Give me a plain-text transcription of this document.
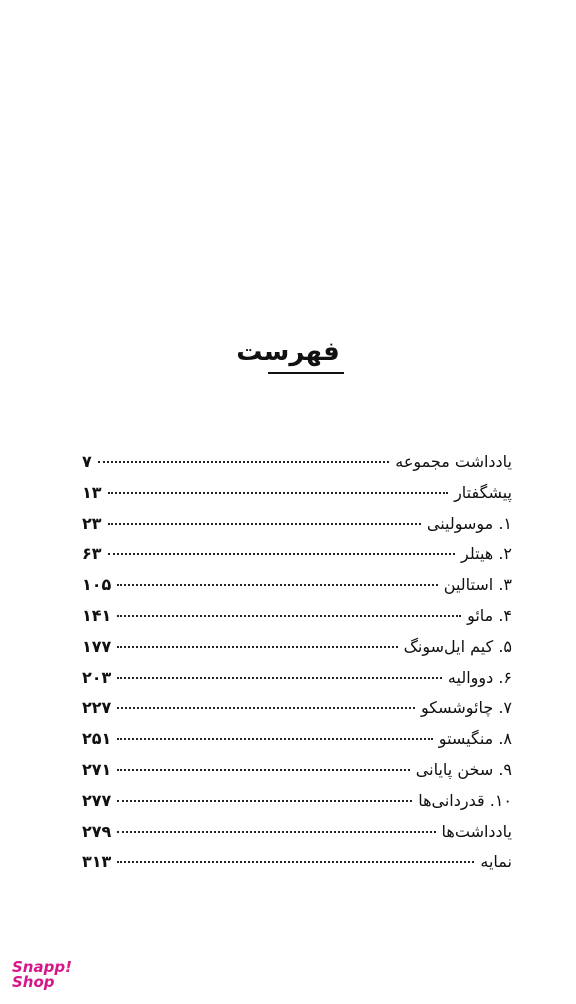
فهرست
یادداشت مجموعه
۷
پیشگفتار
۱۳
۱. موسولینی
۲۳
۲. هیتلر
۶۳
۳. استالین
۱۰۵
۴. مائو
۱۴۱
۵. کیم ایل‌سونگ
۱۷۷
۶. دووالیه
۲۰۳
۷. چائوشسکو
۲۲۷
۸. منگیستو
۲۵۱
۹. سخن پایانی
۲۷۱
۱۰. قدردانی‌ها
۲۷۷
یادداشت‌ها
۲۷۹
نمایه
۳۱۳
Snapp!
Shop
